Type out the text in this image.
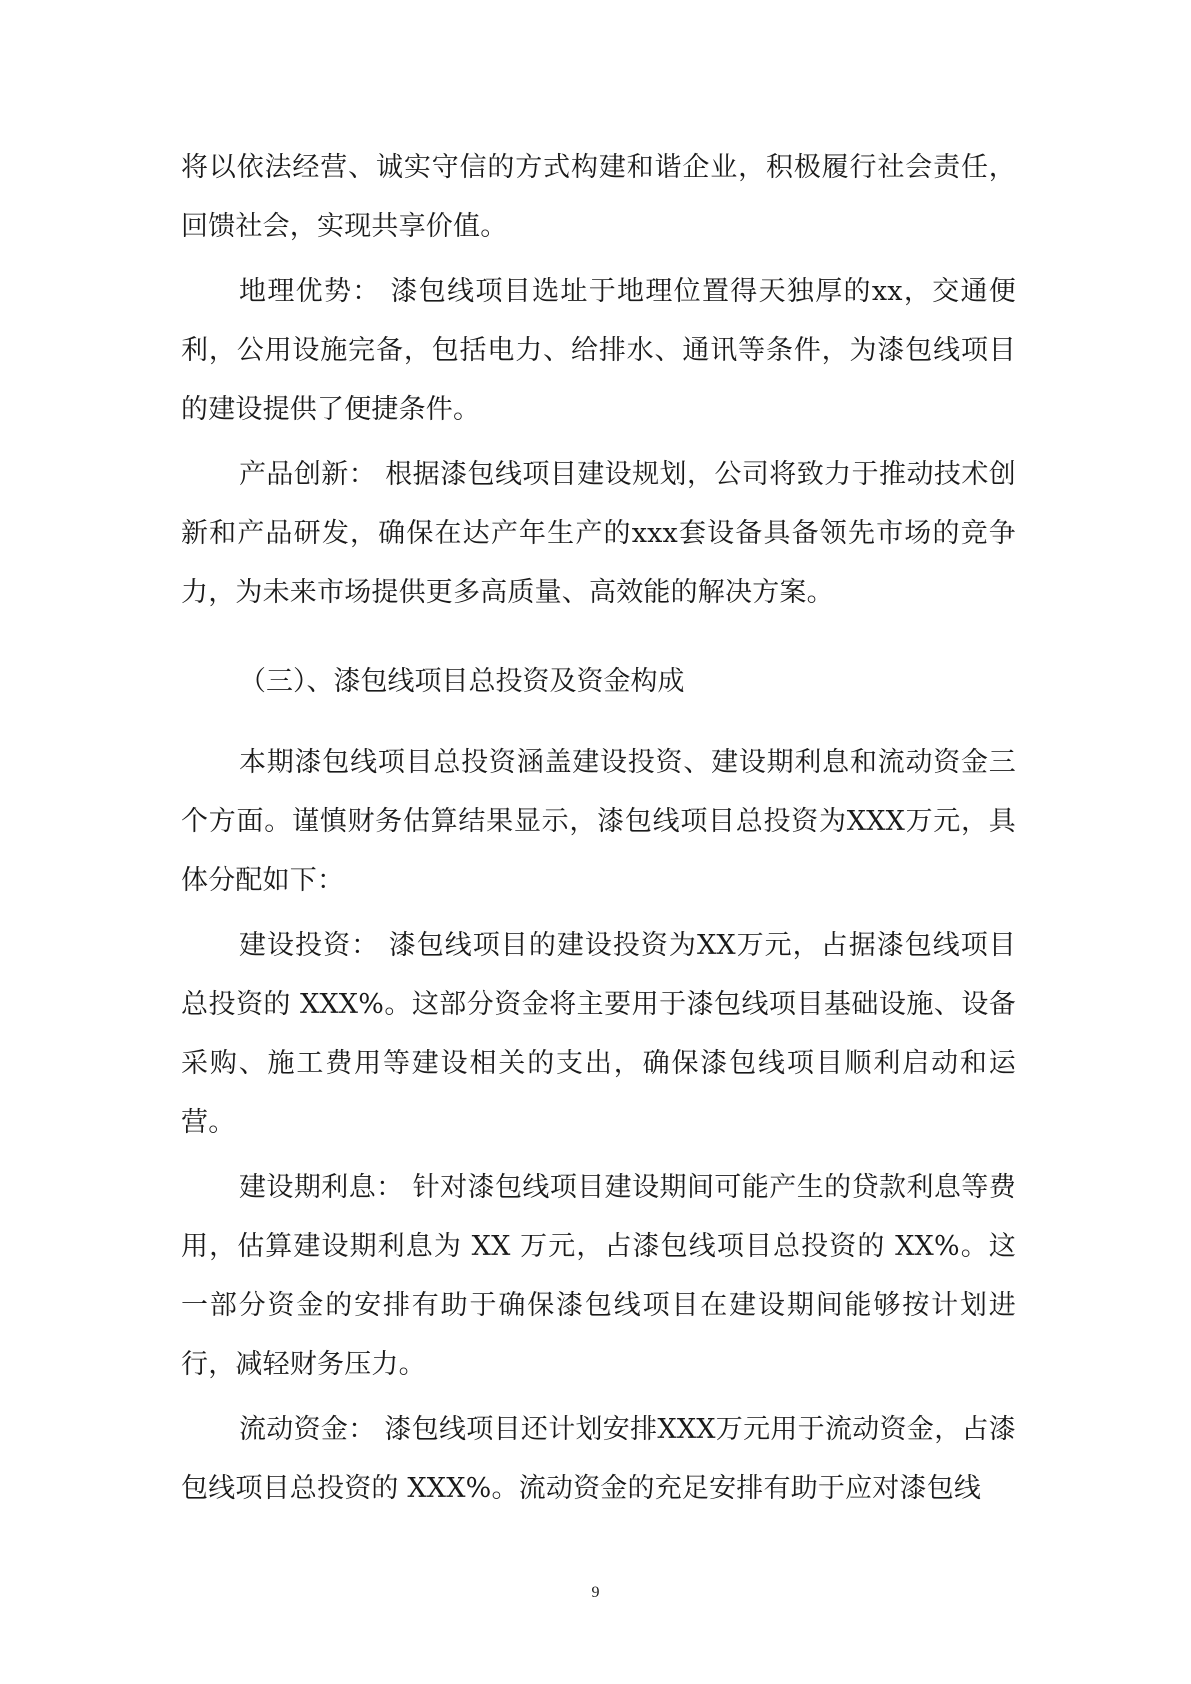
将以依法经营、诚实守信的方式构建和谐企业，积极履行社会责任，回馈社会，实现共享价值。

地理优势： 漆包线项目选址于地理位置得天独厚的xx，交通便利，公用设施完备，包括电力、给排水、通讯等条件，为漆包线项目的建设提供了便捷条件。

产品创新： 根据漆包线项目建设规划，公司将致力于推动技术创新和产品研发，确保在达产年生产的xxx套设备具备领先市场的竞争力，为未来市场提供更多高质量、高效能的解决方案。

（三）、漆包线项目总投资及资金构成

本期漆包线项目总投资涵盖建设投资、建设期利息和流动资金三个方面。谨慎财务估算结果显示，漆包线项目总投资为XXX万元，具体分配如下：

建设投资： 漆包线项目的建设投资为XX万元，占据漆包线项目总投资的 XXX%。这部分资金将主要用于漆包线项目基础设施、设备采购、施工费用等建设相关的支出，确保漆包线项目顺利启动和运营。

建设期利息： 针对漆包线项目建设期间可能产生的贷款利息等费用，估算建设期利息为 XX 万元，占漆包线项目总投资的 XX%。这一部分资金的安排有助于确保漆包线项目在建设期间能够按计划进行，减轻财务压力。

流动资金： 漆包线项目还计划安排XXX万元用于流动资金，占漆包线项目总投资的 XXX%。流动资金的充足安排有助于应对漆包线

9
